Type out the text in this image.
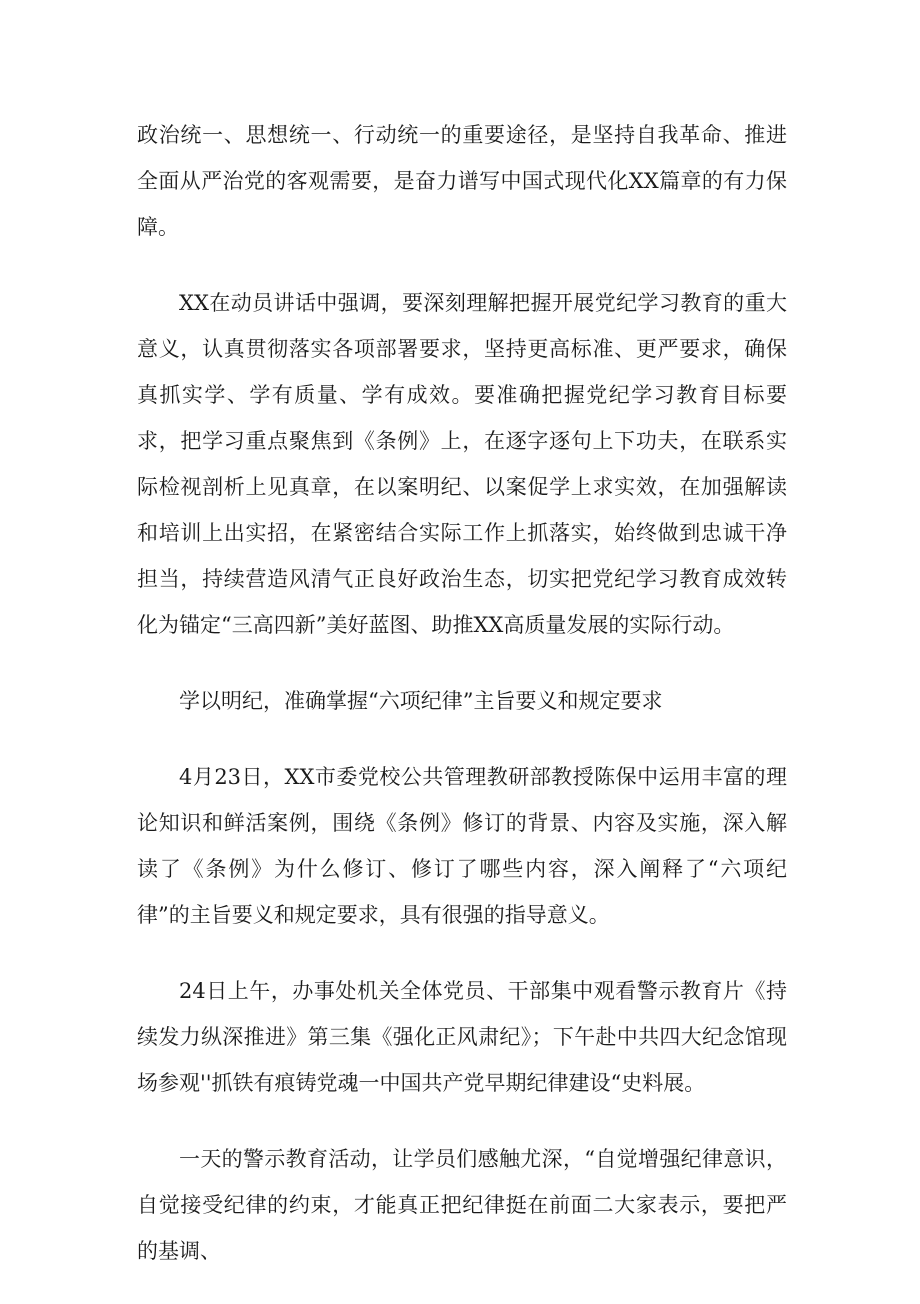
政治统一、思想统一、行动统一的重要途径，是坚持自我革命、推进全面从严治党的客观需要，是奋力谱写中国式现代化XX篇章的有力保障。

XX在动员讲话中强调，要深刻理解把握开展党纪学习教育的重大意义，认真贯彻落实各项部署要求，坚持更高标准、更严要求，确保真抓实学、学有质量、学有成效。要准确把握党纪学习教育目标要求，把学习重点聚焦到《条例》上，在逐字逐句上下功夫，在联系实际检视剖析上见真章，在以案明纪、以案促学上求实效，在加强解读和培训上出实招，在紧密结合实际工作上抓落实，始终做到忠诚干净担当，持续营造风清气正良好政治生态，切实把党纪学习教育成效转化为锚定“三高四新”美好蓝图、助推XX高质量发展的实际行动。

学以明纪，准确掌握“六项纪律”主旨要义和规定要求

4月23日，XX市委党校公共管理教研部教授陈保中运用丰富的理论知识和鲜活案例，围绕《条例》修订的背景、内容及实施，深入解读了《条例》为什么修订、修订了哪些内容，深入阐释了“六项纪律”的主旨要义和规定要求，具有很强的指导意义。

24日上午，办事处机关全体党员、干部集中观看警示教育片《持续发力纵深推进》第三集《强化正风肃纪》；下午赴中共四大纪念馆现场参观''抓铁有痕铸党魂一中国共产党早期纪律建设“史料展。

一天的警示教育活动，让学员们感触尤深，“自觉增强纪律意识，自觉接受纪律的约束，才能真正把纪律挺在前面二大家表示，要把严的基调、
